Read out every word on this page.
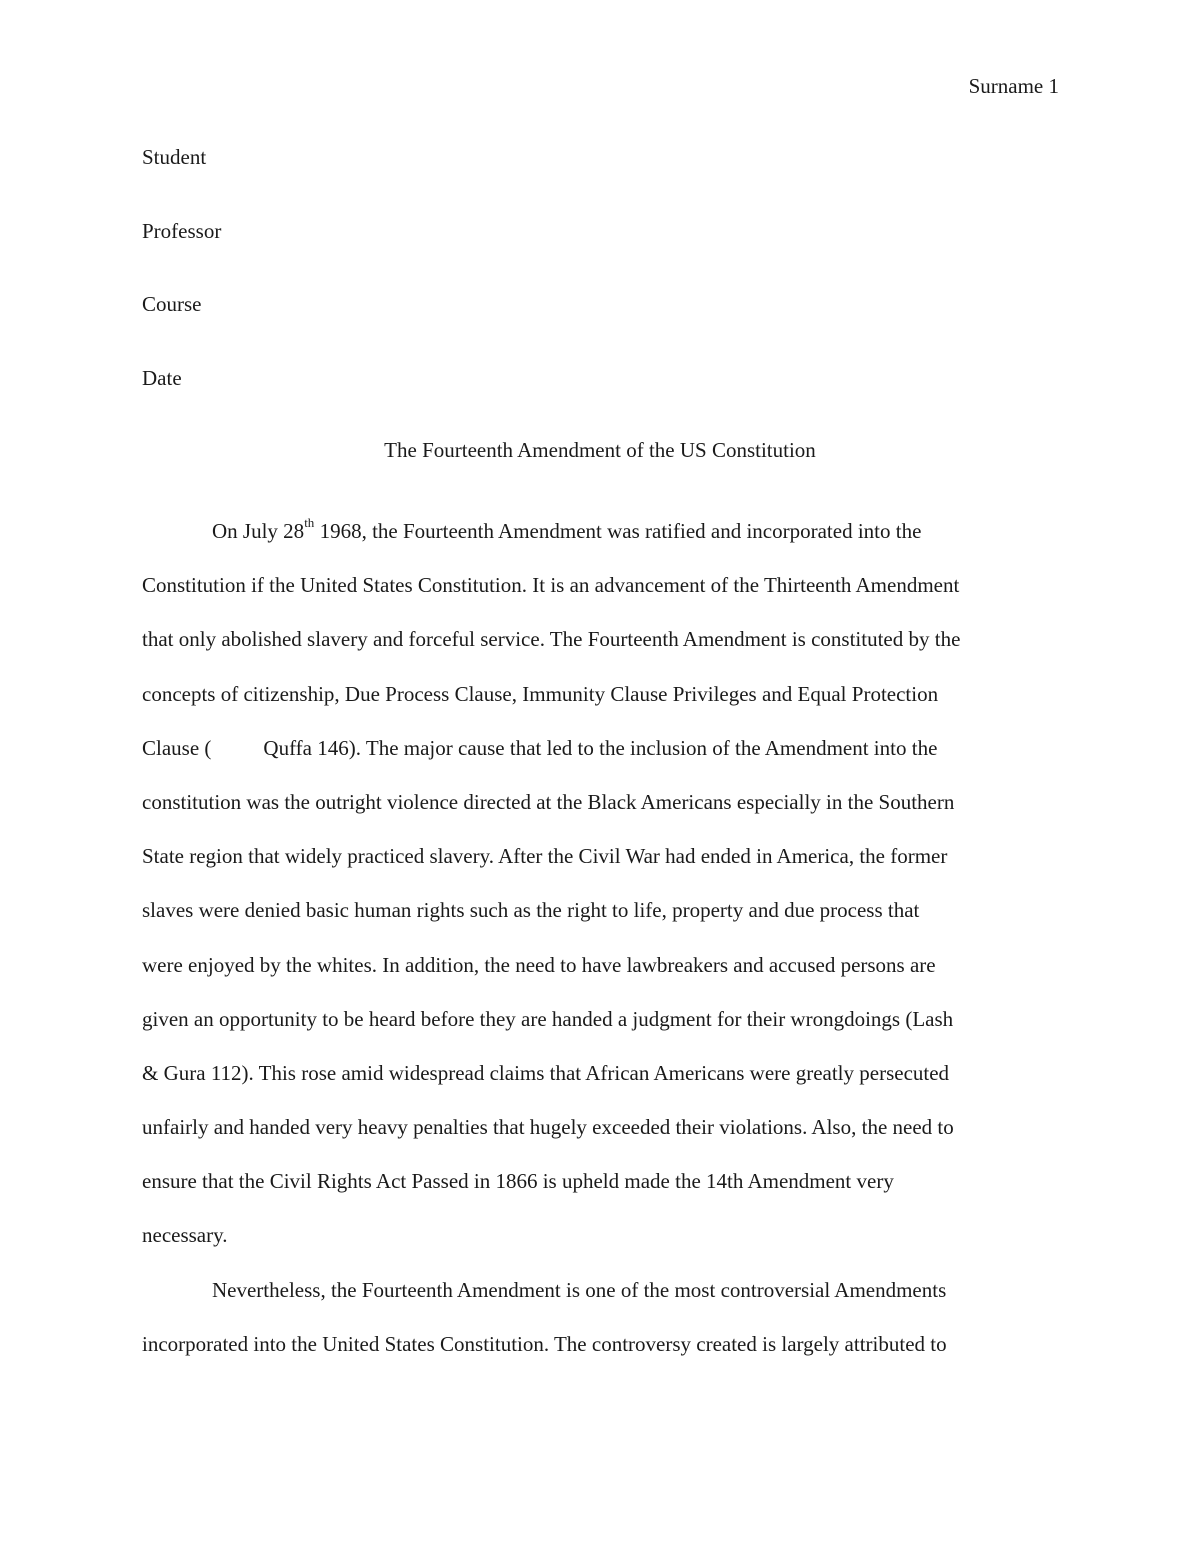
Surname 1
Student
Professor
Course
Date
The Fourteenth Amendment of the US Constitution
On July 28th 1968, the Fourteenth Amendment was ratified and incorporated into the
Constitution if the United States Constitution. It is an advancement of the Thirteenth Amendment
that only abolished slavery and forceful service. The Fourteenth Amendment is constituted by the
concepts of citizenship, Due Process Clause, Immunity Clause Privileges and Equal Protection
Clause ( Quffa 146). The major cause that led to the inclusion of the Amendment into the
constitution was the outright violence directed at the Black Americans especially in the Southern
State region that widely practiced slavery. After the Civil War had ended in America, the former
slaves were denied basic human rights such as the right to life, property and due process that
were enjoyed by the whites. In addition, the need to have lawbreakers and accused persons are
given an opportunity to be heard before they are handed a judgment for their wrongdoings (Lash
& Gura 112). This rose amid widespread claims that African Americans were greatly persecuted
unfairly and handed very heavy penalties that hugely exceeded their violations. Also, the need to
ensure that the Civil Rights Act Passed in 1866 is upheld made the 14th Amendment very
necessary.
Nevertheless, the Fourteenth Amendment is one of the most controversial Amendments
incorporated into the United States Constitution. The controversy created is largely attributed to
